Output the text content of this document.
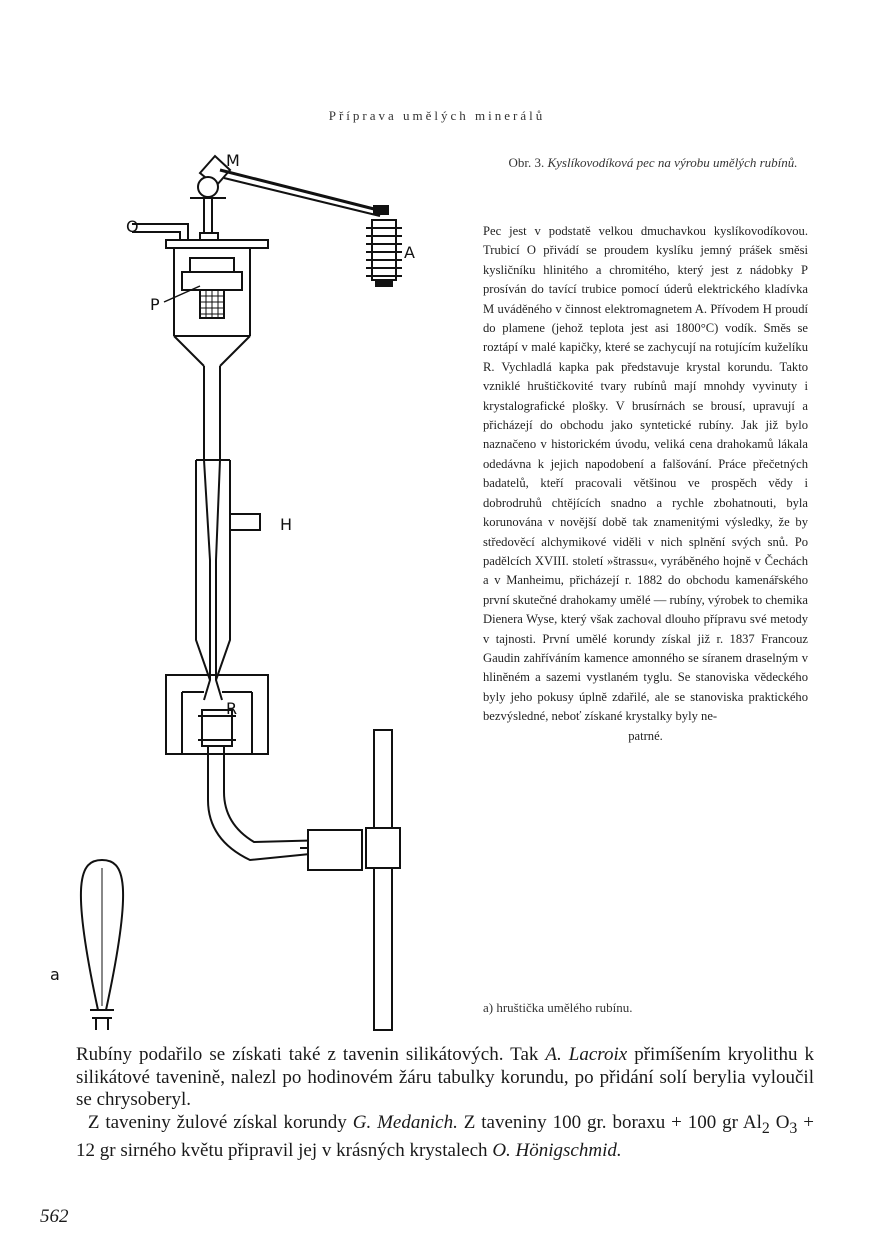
Příprava umělých minerálů
M
O
A
P
H
R
a
Obr. 3. Kyslíkovodíková pec na výrobu umělých rubínů.

Pec jest v podstatě velkou dmuchavkou kyslíkovodíkovou. Trubicí O přivádí se proudem kyslíku jemný prášek směsi kysličníku hlinitého a chromitého, který jest z nádobky P prosíván do tavící trubice pomocí úderů elektrického kladívka M uváděného v činnost elektromagnetem A. Přívodem H proudí do plamene (jehož teplota jest asi 1800°C) vodík. Směs se roztápí v malé kapičky, které se zachycují na rotujícím kuželíku R. Vychladlá kapka pak představuje krystal korundu. Takto vzniklé hruštičkovité tvary rubínů mají mnohdy vyvinuty i krystalografické plošky. V brusírnách se brousí, upravují a přicházejí do obchodu jako syntetické rubíny. Jak již bylo naznačeno v historickém úvodu, veliká cena drahokamů lákala odedávna k jejich napodobení a falšování. Práce přečetných badatelů, kteří pracovali většinou ve prospěch vědy i dobrodruhů chtějících snadno a rychle zbohatnouti, byla korunována v novější době tak znamenitými výsledky, že by středověcí alchymikové viděli v nich splnění svých snů. Po padělcích XVIII. století »štrassu«, vyráběného hojně v Čechách a v Manheimu, přicházejí r. 1882 do obchodu kamenářského první skutečné drahokamy umělé — rubíny, výrobek to chemika Dienera Wyse, který však zachoval dlouho přípravu své metody v tajnosti. První umělé korundy získal již r. 1837 Francouz Gaudin zahříváním kamence amonného se síranem draselným v hliněném a sazemi vystlaném tyglu. Se stanoviska vědeckého byly jeho pokusy úplně zdařilé, ale se stanoviska praktického bezvýsledné, neboť získané krystalky byly ne-

patrné.

a) hruštička umělého rubínu.

Rubíny podařilo se získati také z tavenin silikátových. Tak A. Lacroix přimíšením kryolithu k silikátové tavenině, nalezl po hodinovém žáru tabulky korundu, po přidání solí berylia vyloučil se chrysoberyl.

Z taveniny žulové získal korundy G. Medanich. Z taveniny 100 gr. boraxu + 100 gr $Al_2$ $O_3 + 12$ gr sirného květu připravil jej v krásných krystalech O. Hönigschmid.

562
